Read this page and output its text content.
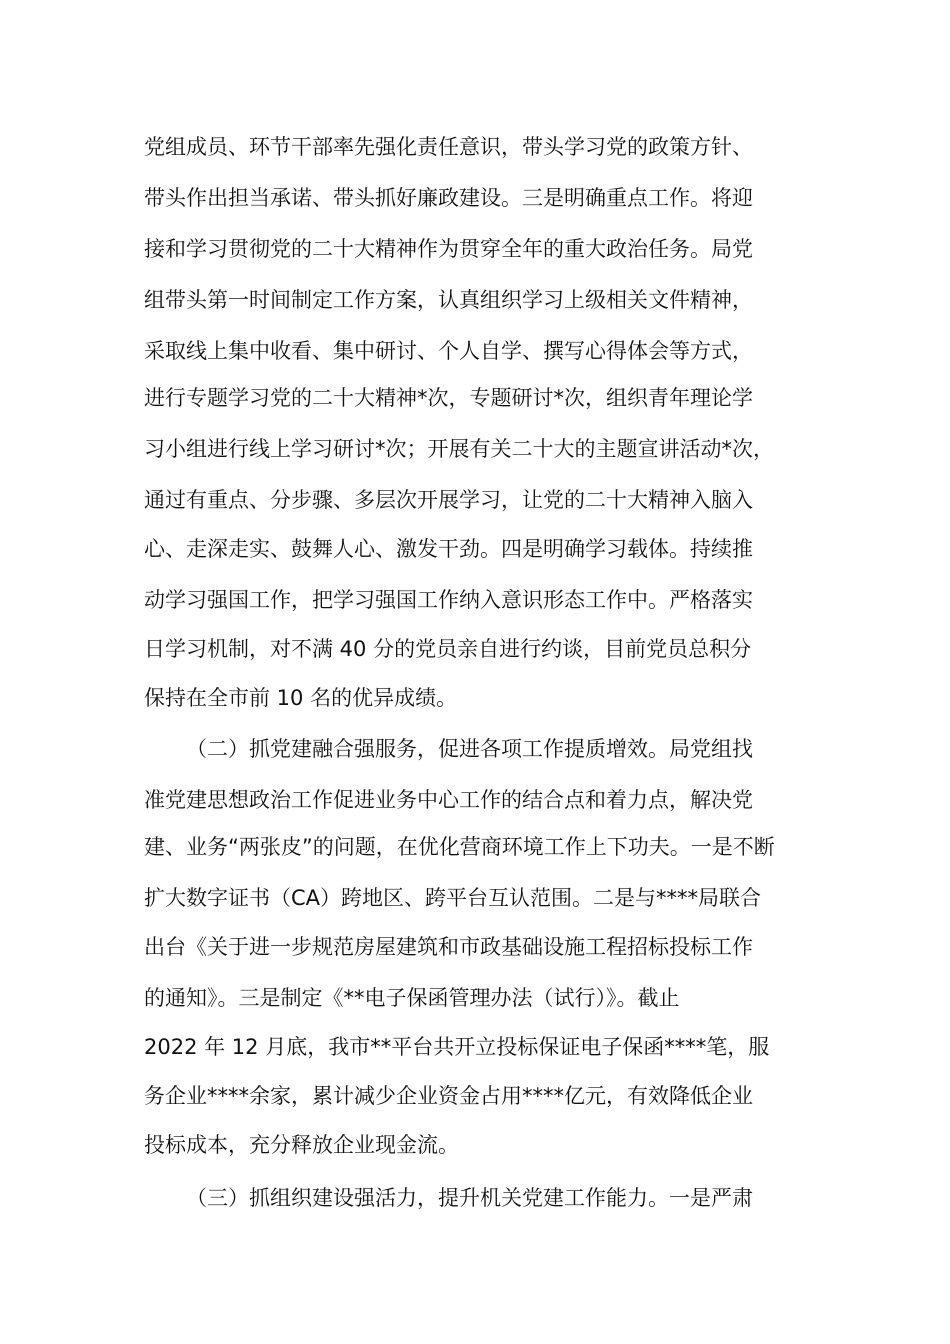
党组成员、环节干部率先强化责任意识，带头学习党的政策方针、
带头作出担当承诺、带头抓好廉政建设。三是明确重点工作。将迎
接和学习贯彻党的二十大精神作为贯穿全年的重大政治任务。局党
组带头第一时间制定工作方案，认真组织学习上级相关文件精神，
采取线上集中收看、集中研讨、个人自学、撰写心得体会等方式，
进行专题学习党的二十大精神*次，专题研讨*次，组织青年理论学
习小组进行线上学习研讨*次；开展有关二十大的主题宣讲活动*次，
通过有重点、分步骤、多层次开展学习，让党的二十大精神入脑入
心、走深走实、鼓舞人心、激发干劲。四是明确学习载体。持续推
动学习强国工作，把学习强国工作纳入意识形态工作中。严格落实
日学习机制，对不满 40 分的党员亲自进行约谈，目前党员总积分
保持在全市前 10 名的优异成绩。
（二）抓党建融合强服务，促进各项工作提质增效。局党组找
准党建思想政治工作促进业务中心工作的结合点和着力点，解决党
建、业务“两张皮”的问题，在优化营商环境工作上下功夫。一是不断
扩大数字证书（CA）跨地区、跨平台互认范围。二是与****局联合
出台《关于进一步规范房屋建筑和市政基础设施工程招标投标工作
的通知》。三是制定《**电子保函管理办法（试行）》。截止
2022 年 12 月底，我市**平台共开立投标保证电子保函****笔，服
务企业****余家，累计减少企业资金占用****亿元，有效降低企业
投标成本，充分释放企业现金流。
（三）抓组织建设强活力，提升机关党建工作能力。一是严肃
